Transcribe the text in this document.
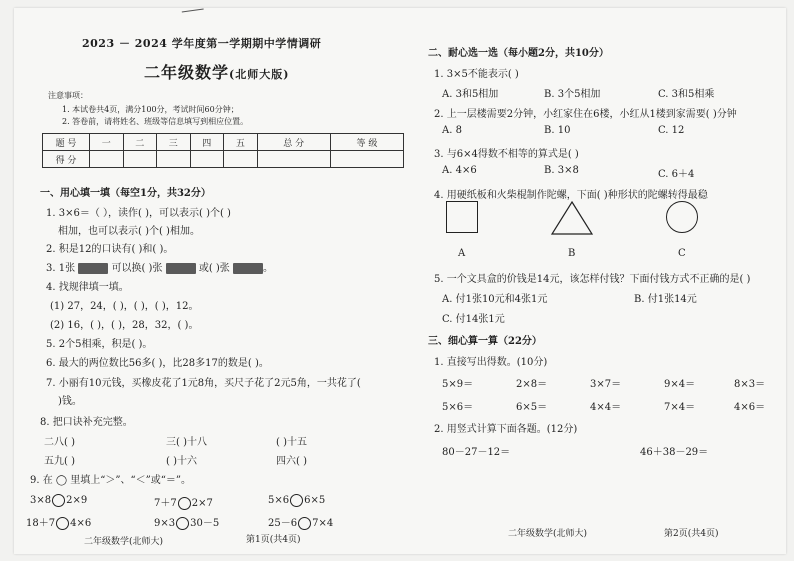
2023 － 2024 学年度第一学期期中学情调研
二年级数学(北师大版)
注意事项：
1. 本试卷共4页，满分100分，考试时间60分钟；
2. 答卷前，请将姓名、班级等信息填写到相应位置。
题 号	一	二	三	四	五	总 分	等 级
得 分							
一、用心填一填（每空1分，共32分）
1. 3×6＝（ ），读作( )，可以表示( )个( )
相加，也可以表示( )个( )相加。
2. 积是12的口诀有( )和( )。
3. 1张	可以换( )张	或( )张	。
4. 找规律填一填。
(1) 27，24，( )，( )，( )，12。
(2) 16，( )，( )，28，32，( )。
5. 2个5相乘，积是( )。
6. 最大的两位数比56多( )，比28多17的数是( )。
7. 小丽有10元钱，买橡皮花了1元8角，买尺子花了2元5角，一共花了(
)钱。
8. 把口诀补充完整。
二八( )	三( )十八	( )十五
五九( )	( )十六	四六( )
9. 在 ◯ 里填上“＞”、“＜”或“＝”。
3×8 2×9	7＋7 2×7	5×6 6×5
18＋7 4×6	9×3 30－5	25－6 7×4
二年级数学(北师大)	第1页(共4页)
二、耐心选一选（每小题2分，共10分）
1. 3×5不能表示( )
A. 3和5相加	B. 3个5相加	C. 3和5相乘
2. 上一层楼需要2分钟，小红家住在6楼，小红从1楼到家需要( )分钟
A. 8	B. 10	C. 12
3. 与6×4得数不相等的算式是( )
A. 4×6	B. 3×8	C. 6＋4
4. 用硬纸板和火柴棍制作陀螺，下面( )种形状的陀螺转得最稳
A	B	C
5. 一个文具盒的价钱是14元，该怎样付钱？下面付钱方式不正确的是( )
A. 付1张10元和4张1元	B. 付1张14元
C. 付14张1元
三、细心算一算（22分）
1. 直接写出得数。(10分)
5×9＝	2×8＝	3×7＝	9×4＝	8×3＝
5×6＝	6×5＝	4×4＝	7×4＝	4×6＝
2. 用竖式计算下面各题。(12分)
80－27－12＝	46＋38－29＝
二年级数学(北师大)	第2页(共4页)
